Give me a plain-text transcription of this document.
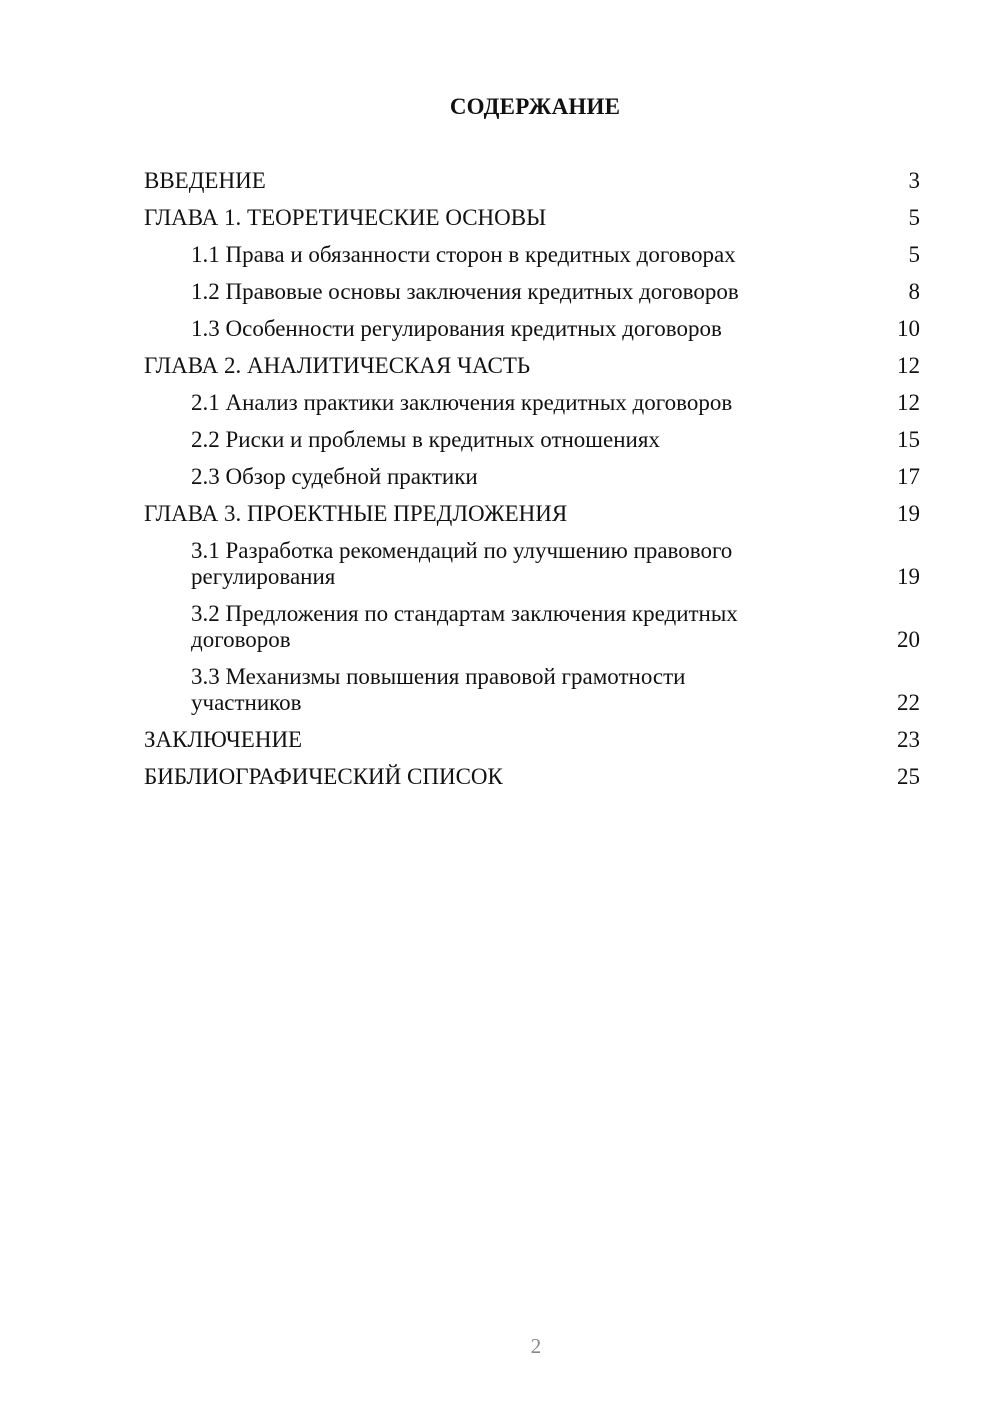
СОДЕРЖАНИЕ
ВВЕДЕНИЕ	3
ГЛАВА 1. ТЕОРЕТИЧЕСКИЕ ОСНОВЫ	5
1.1 Права и обязанности сторон в кредитных договорах	5
1.2 Правовые основы заключения кредитных договоров	8
1.3 Особенности регулирования кредитных договоров	10
ГЛАВА 2. АНАЛИТИЧЕСКАЯ ЧАСТЬ	12
2.1 Анализ практики заключения кредитных договоров	12
2.2 Риски и проблемы в кредитных отношениях	15
2.3 Обзор судебной практики	17
ГЛАВА 3. ПРОЕКТНЫЕ ПРЕДЛОЖЕНИЯ	19
3.1 Разработка рекомендаций по улучшению правового регулирования	19
3.2 Предложения по стандартам заключения кредитных договоров	20
3.3 Механизмы повышения правовой грамотности участников	22
ЗАКЛЮЧЕНИЕ	23
БИБЛИОГРАФИЧЕСКИЙ СПИСОК	25
2
